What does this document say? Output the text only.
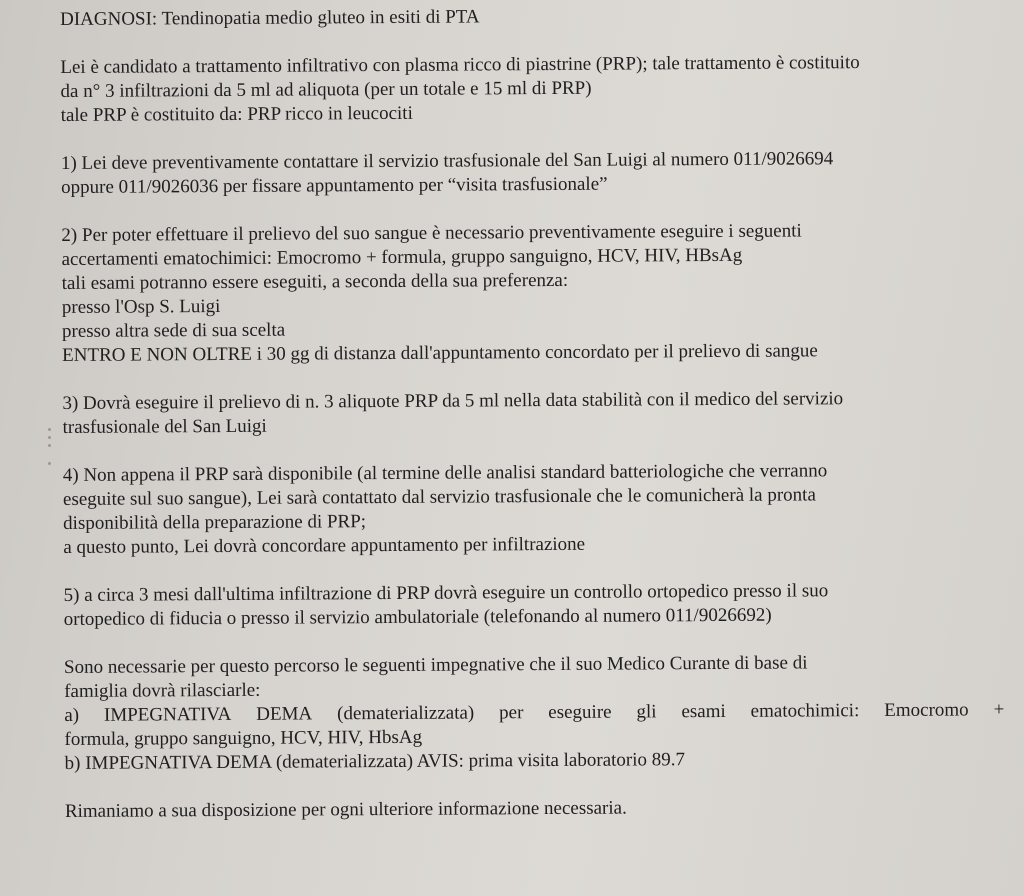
DIAGNOSI: Tendinopatia medio gluteo in esiti di PTA

Lei è candidato a trattamento infiltrativo con plasma ricco di piastrine (PRP); tale trattamento è costituito

da n° 3 infiltrazioni da 5 ml ad aliquota (per un totale e 15 ml di PRP)

tale PRP è costituito da: PRP ricco in leucociti

1) Lei deve preventivamente contattare il servizio trasfusionale del San Luigi al numero 011/9026694

oppure 011/9026036 per fissare appuntamento per “visita trasfusionale”

2) Per poter effettuare il prelievo del suo sangue è necessario preventivamente eseguire i seguenti

accertamenti ematochimici: Emocromo + formula, gruppo sanguigno, HCV, HIV, HBsAg

tali esami potranno essere eseguiti, a seconda della sua preferenza:

presso l'Osp S. Luigi

presso altra sede di sua scelta

ENTRO E NON OLTRE i 30 gg di distanza dall'appuntamento concordato per il prelievo di sangue

3) Dovrà eseguire il prelievo di n. 3 aliquote PRP da 5 ml nella data stabilità con il medico del servizio

trasfusionale del San Luigi

4) Non appena il PRP sarà disponibile (al termine delle analisi standard batteriologiche che verranno

eseguite sul suo sangue), Lei sarà contattato dal servizio trasfusionale che le comunicherà la pronta

disponibilità della preparazione di PRP;

a questo punto, Lei dovrà concordare appuntamento per infiltrazione

5) a circa 3 mesi dall'ultima infiltrazione di PRP dovrà eseguire un controllo ortopedico presso il suo

ortopedico di fiducia o presso il servizio ambulatoriale (telefonando al numero 011/9026692)

Sono necessarie per questo percorso le seguenti impegnative che il suo Medico Curante di base di

famiglia dovrà rilasciarle:

a) IMPEGNATIVA DEMA (dematerializzata) per eseguire gli esami ematochimici: Emocromo +

formula, gruppo sanguigno, HCV, HIV, HbsAg

b) IMPEGNATIVA DEMA (dematerializzata) AVIS: prima visita laboratorio 89.7

Rimaniamo a sua disposizione per ogni ulteriore informazione necessaria.
